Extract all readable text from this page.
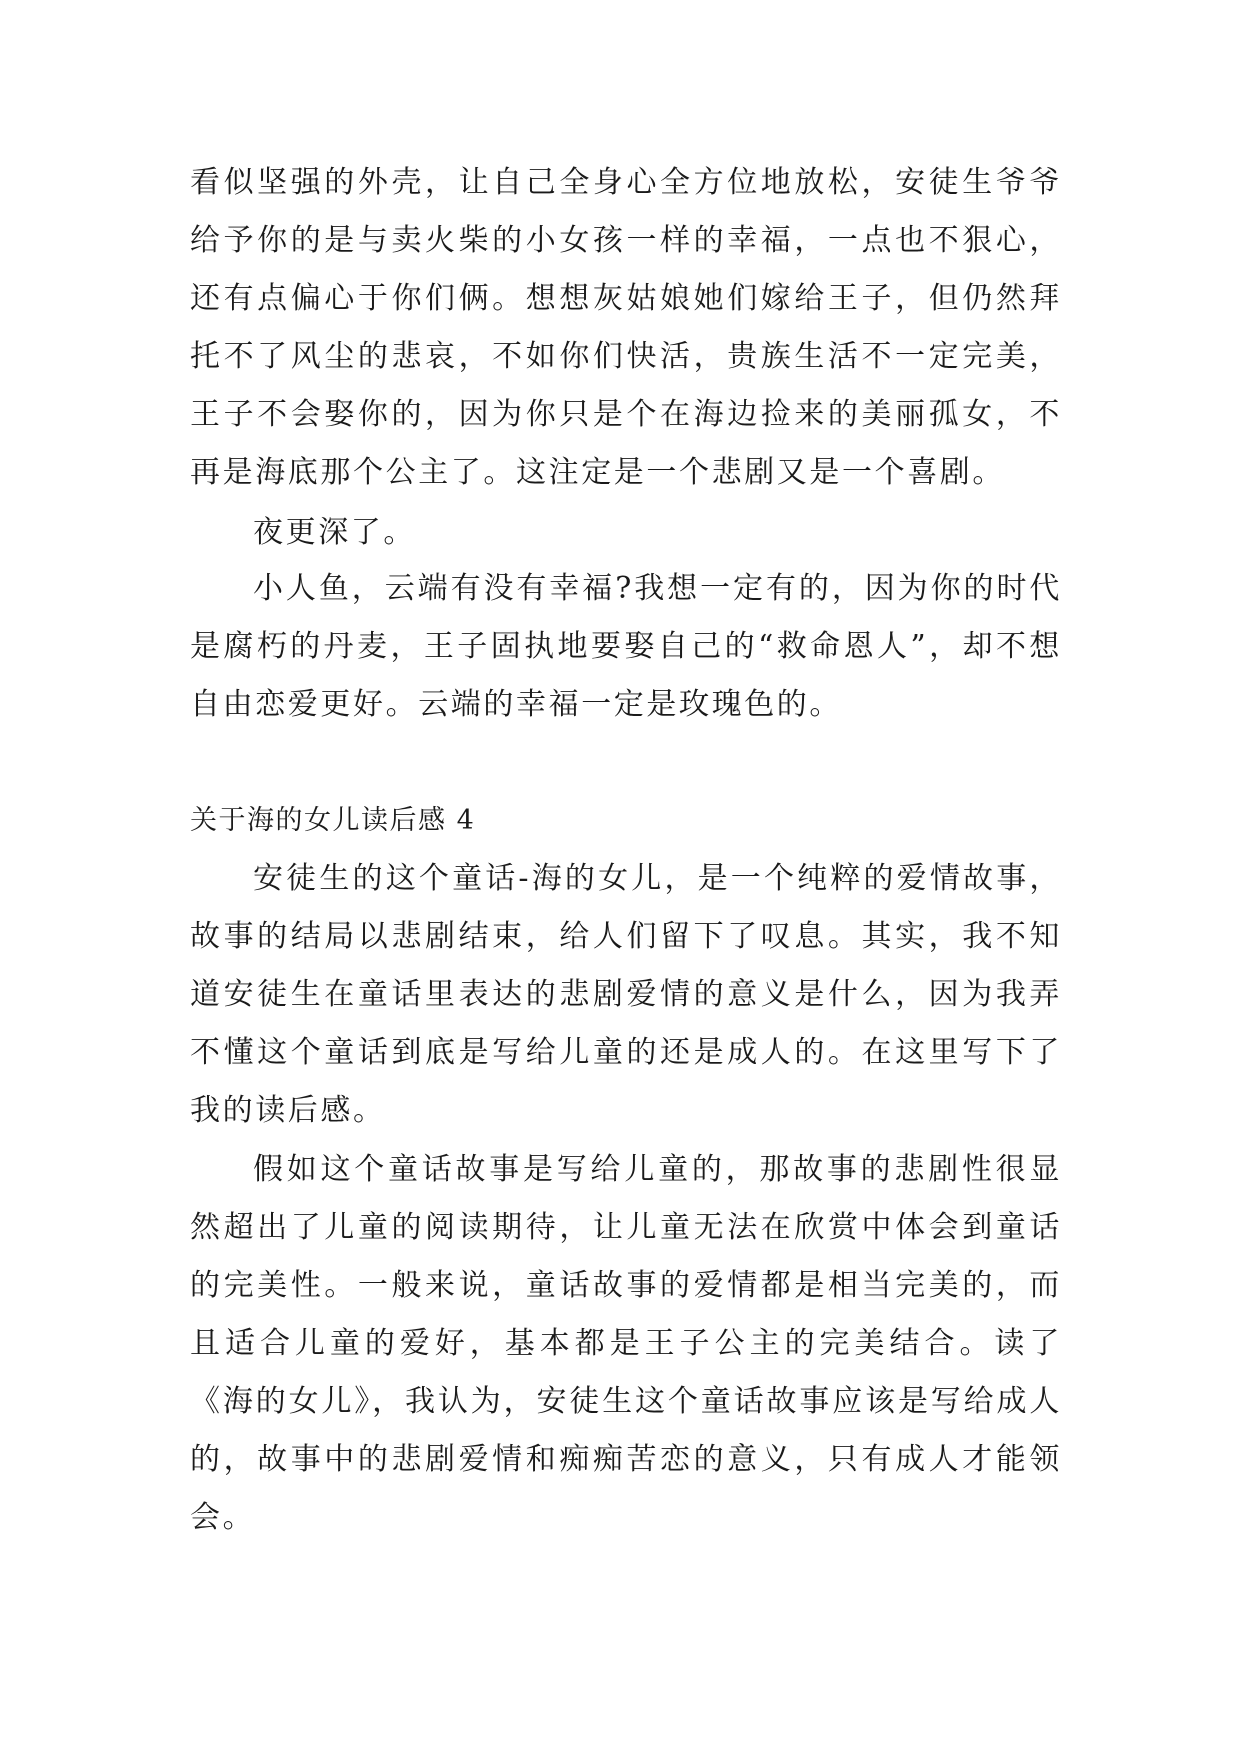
看似坚强的外壳，让自己全身心全方位地放松，安徒生爷爷给予你的是与卖火柴的小女孩一样的幸福，一点也不狠心，还有点偏心于你们俩。想想灰姑娘她们嫁给王子，但仍然拜托不了风尘的悲哀，不如你们快活，贵族生活不一定完美，王子不会娶你的，因为你只是个在海边捡来的美丽孤女，不再是海底那个公主了。这注定是一个悲剧又是一个喜剧。

夜更深了。

小人鱼，云端有没有幸福?我想一定有的，因为你的时代是腐朽的丹麦，王子固执地要娶自己的“救命恩人”，却不想自由恋爱更好。云端的幸福一定是玫瑰色的。

关于海的女儿读后感 4

安徒生的这个童话-海的女儿，是一个纯粹的爱情故事，故事的结局以悲剧结束，给人们留下了叹息。其实，我不知道安徒生在童话里表达的悲剧爱情的意义是什么，因为我弄不懂这个童话到底是写给儿童的还是成人的。在这里写下了我的读后感。

假如这个童话故事是写给儿童的，那故事的悲剧性很显然超出了儿童的阅读期待，让儿童无法在欣赏中体会到童话的完美性。一般来说，童话故事的爱情都是相当完美的，而且适合儿童的爱好，基本都是王子公主的完美结合。读了《海的女儿》，我认为，安徒生这个童话故事应该是写给成人的，故事中的悲剧爱情和痴痴苦恋的意义，只有成人才能领会。
